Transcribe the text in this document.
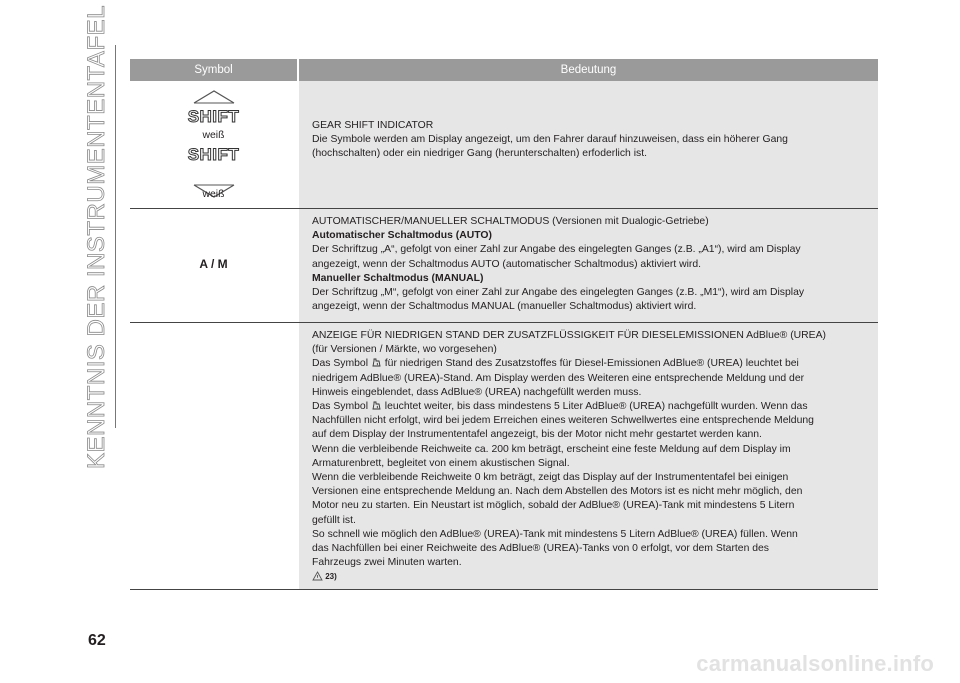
KENNTNIS DER INSTRUMENTENTAFEL	Symbol	Bedeutung
SHIFT
weiß
SHIFT
weiß

GEAR SHIFT INDICATOR

Die Symbole werden am Display angezeigt, um den Fahrer darauf hinzuweisen, dass ein höherer Gang

(hochschalten) oder ein niedriger Gang (herunterschalten) erfoderlich ist.

A / M

AUTOMATISCHER/MANUELLER SCHALTMODUS (Versionen mit Dualogic-Getriebe)

Automatischer Schaltmodus (AUTO)

Der Schriftzug „A“, gefolgt von einer Zahl zur Angabe des eingelegten Ganges (z.B. „A1“), wird am Display

angezeigt, wenn der Schaltmodus AUTO (automatischer Schaltmodus) aktiviert wird.

Manueller Schaltmodus (MANUAL)

Der Schriftzug „M“, gefolgt von einer Zahl zur Angabe des eingelegten Ganges (z.B. „M1“), wird am Display

angezeigt, wenn der Schaltmodus MANUAL (manueller Schaltmodus) aktiviert wird.

ANZEIGE FÜR NIEDRIGEN STAND DER ZUSATZFLÜSSIGKEIT FÜR DIESELEMISSIONEN AdBlue® (UREA)

(für Versionen / Märkte, wo vorgesehen)

Das Symbol für niedrigen Stand des Zusatzstoffes für Diesel-Emissionen AdBlue® (UREA) leuchtet bei

niedrigem AdBlue® (UREA)-Stand. Am Display werden des Weiteren eine entsprechende Meldung und der

Hinweis eingeblendet, dass AdBlue® (UREA) nachgefüllt werden muss.

Das Symbol leuchtet weiter, bis dass mindestens 5 Liter AdBlue® (UREA) nachgefüllt wurden. Wenn das

Nachfüllen nicht erfolgt, wird bei jedem Erreichen eines weiteren Schwellwertes eine entsprechende Meldung

auf dem Display der Instrumententafel angezeigt, bis der Motor nicht mehr gestartet werden kann.

Wenn die verbleibende Reichweite ca. 200 km beträgt, erscheint eine feste Meldung auf dem Display im

Armaturenbrett, begleitet von einem akustischen Signal.

Wenn die verbleibende Reichweite 0 km beträgt, zeigt das Display auf der Instrumententafel bei einigen

Versionen eine entsprechende Meldung an. Nach dem Abstellen des Motors ist es nicht mehr möglich, den

Motor neu zu starten. Ein Neustart ist möglich, sobald der AdBlue® (UREA)-Tank mit mindestens 5 Litern

gefüllt ist.

So schnell wie möglich den AdBlue® (UREA)-Tank mit mindestens 5 Litern AdBlue® (UREA) füllen. Wenn

das Nachfüllen bei einer Reichweite des AdBlue® (UREA)-Tanks von 0 erfolgt, vor dem Starten des

Fahrzeugs zwei Minuten warten.

23)

62
carmanualsonline.info
